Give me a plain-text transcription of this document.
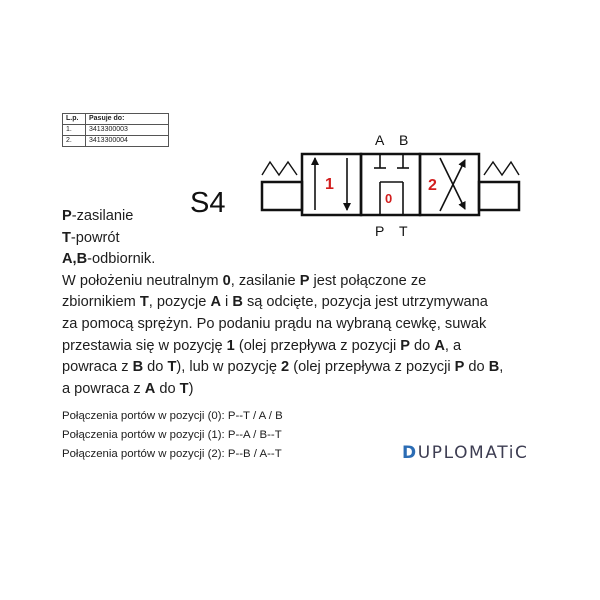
L.p.	Pasuje do:
1.	3413300003
2.	3413300004
S4
1
0
2
A B
P T
P-zasilanie
T-powrót
A,B-odbiornik.
W położeniu neutralnym 0, zasilanie P jest połączone ze
zbiornikiem T, pozycje A i B są odcięte, pozycja jest utrzymywana
za pomocą sprężyn. Po podaniu prądu na wybraną cewkę, suwak
przestawia się w pozycję 1 (olej przepływa z pozycji P do A, a
powraca z B do T), lub w pozycję 2 (olej przepływa z pozycji P do B,
a powraca z A do T)
Połączenia portów w pozycji (0): P--T / A / B
Połączenia portów w pozycji (1): P--A / B--T
Połączenia portów w pozycji (2): P--B / A--T	DUPLOMATiC
